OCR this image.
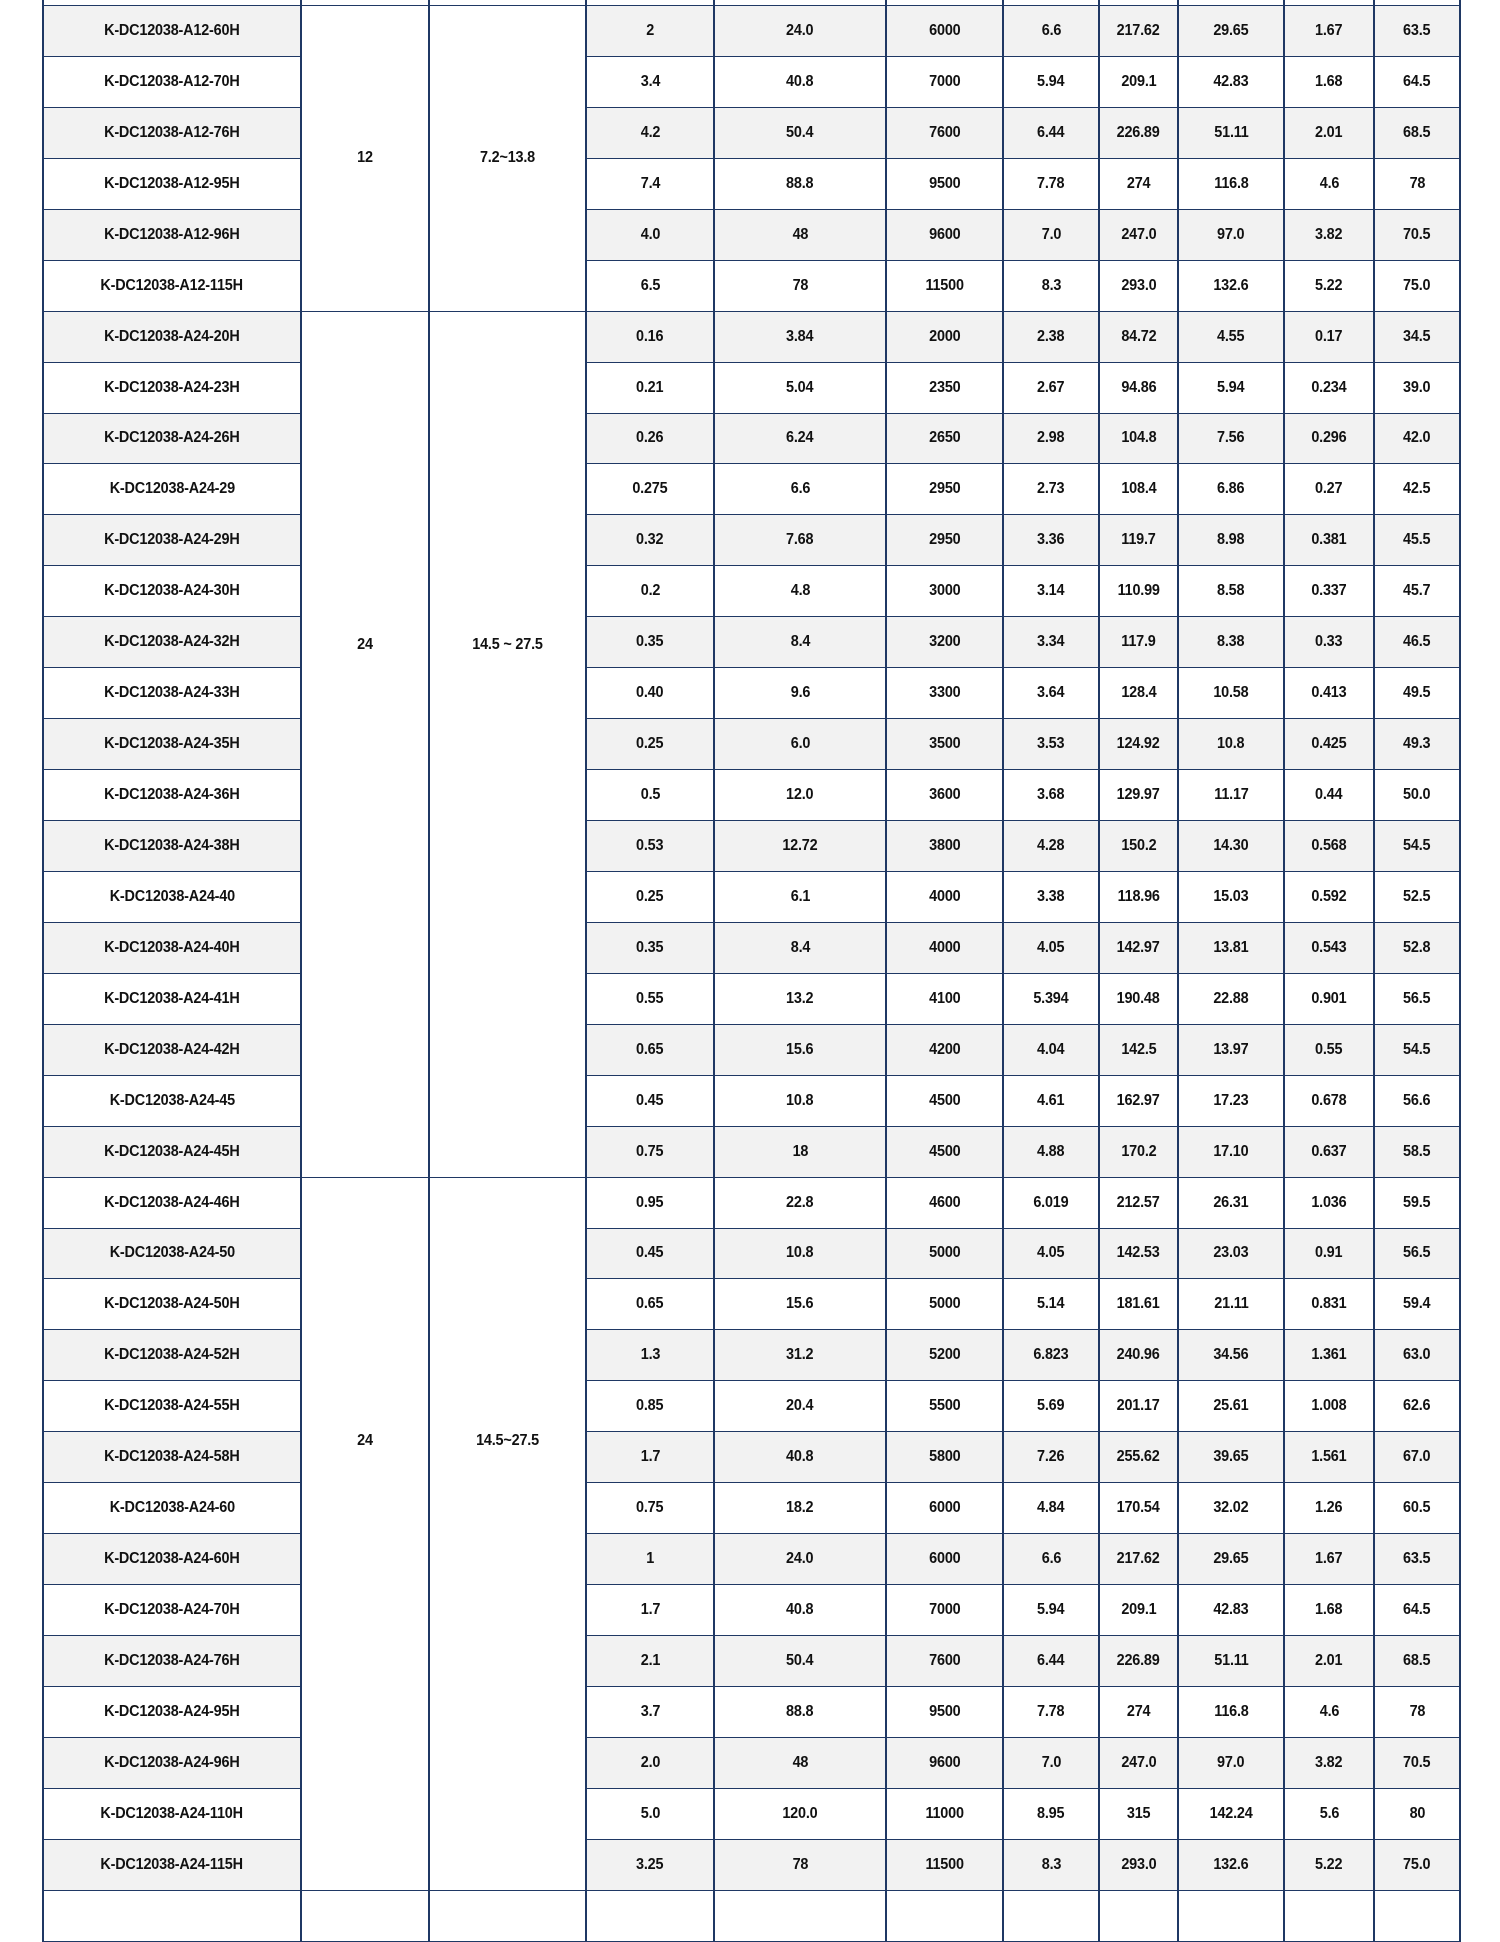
K-DC12038-A12-60H	12	7.2~13.8	2	24.0	6000	6.6	217.62	29.65	1.67	63.5
K-DC12038-A12-70H			3.4	40.8	7000	5.94	209.1	42.83	1.68	64.5
K-DC12038-A12-76H			4.2	50.4	7600	6.44	226.89	51.11	2.01	68.5
K-DC12038-A12-95H			7.4	88.8	9500	7.78	274	116.8	4.6	78
K-DC12038-A12-96H			4.0	48	9600	7.0	247.0	97.0	3.82	70.5
K-DC12038-A12-115H			6.5	78	11500	8.3	293.0	132.6	5.22	75.0
K-DC12038-A24-20H	24	14.5 ~ 27.5	0.16	3.84	2000	2.38	84.72	4.55	0.17	34.5
K-DC12038-A24-23H			0.21	5.04	2350	2.67	94.86	5.94	0.234	39.0
K-DC12038-A24-26H			0.26	6.24	2650	2.98	104.8	7.56	0.296	42.0
K-DC12038-A24-29			0.275	6.6	2950	2.73	108.4	6.86	0.27	42.5
K-DC12038-A24-29H			0.32	7.68	2950	3.36	119.7	8.98	0.381	45.5
K-DC12038-A24-30H			0.2	4.8	3000	3.14	110.99	8.58	0.337	45.7
K-DC12038-A24-32H			0.35	8.4	3200	3.34	117.9	8.38	0.33	46.5
K-DC12038-A24-33H			0.40	9.6	3300	3.64	128.4	10.58	0.413	49.5
K-DC12038-A24-35H			0.25	6.0	3500	3.53	124.92	10.8	0.425	49.3
K-DC12038-A24-36H			0.5	12.0	3600	3.68	129.97	11.17	0.44	50.0
K-DC12038-A24-38H			0.53	12.72	3800	4.28	150.2	14.30	0.568	54.5
K-DC12038-A24-40			0.25	6.1	4000	3.38	118.96	15.03	0.592	52.5
K-DC12038-A24-40H			0.35	8.4	4000	4.05	142.97	13.81	0.543	52.8
K-DC12038-A24-41H			0.55	13.2	4100	5.394	190.48	22.88	0.901	56.5
K-DC12038-A24-42H			0.65	15.6	4200	4.04	142.5	13.97	0.55	54.5
K-DC12038-A24-45			0.45	10.8	4500	4.61	162.97	17.23	0.678	56.6
K-DC12038-A24-45H			0.75	18	4500	4.88	170.2	17.10	0.637	58.5
K-DC12038-A24-46H	24	14.5~27.5	0.95	22.8	4600	6.019	212.57	26.31	1.036	59.5
K-DC12038-A24-50			0.45	10.8	5000	4.05	142.53	23.03	0.91	56.5
K-DC12038-A24-50H			0.65	15.6	5000	5.14	181.61	21.11	0.831	59.4
K-DC12038-A24-52H			1.3	31.2	5200	6.823	240.96	34.56	1.361	63.0
K-DC12038-A24-55H			0.85	20.4	5500	5.69	201.17	25.61	1.008	62.6
K-DC12038-A24-58H			1.7	40.8	5800	7.26	255.62	39.65	1.561	67.0
K-DC12038-A24-60			0.75	18.2	6000	4.84	170.54	32.02	1.26	60.5
K-DC12038-A24-60H			1	24.0	6000	6.6	217.62	29.65	1.67	63.5
K-DC12038-A24-70H			1.7	40.8	7000	5.94	209.1	42.83	1.68	64.5
K-DC12038-A24-76H			2.1	50.4	7600	6.44	226.89	51.11	2.01	68.5
K-DC12038-A24-95H			3.7	88.8	9500	7.78	274	116.8	4.6	78
K-DC12038-A24-96H			2.0	48	9600	7.0	247.0	97.0	3.82	70.5
K-DC12038-A24-110H			5.0	120.0	11000	8.95	315	142.24	5.6	80
K-DC12038-A24-115H			3.25	78	11500	8.3	293.0	132.6	5.22	75.0
